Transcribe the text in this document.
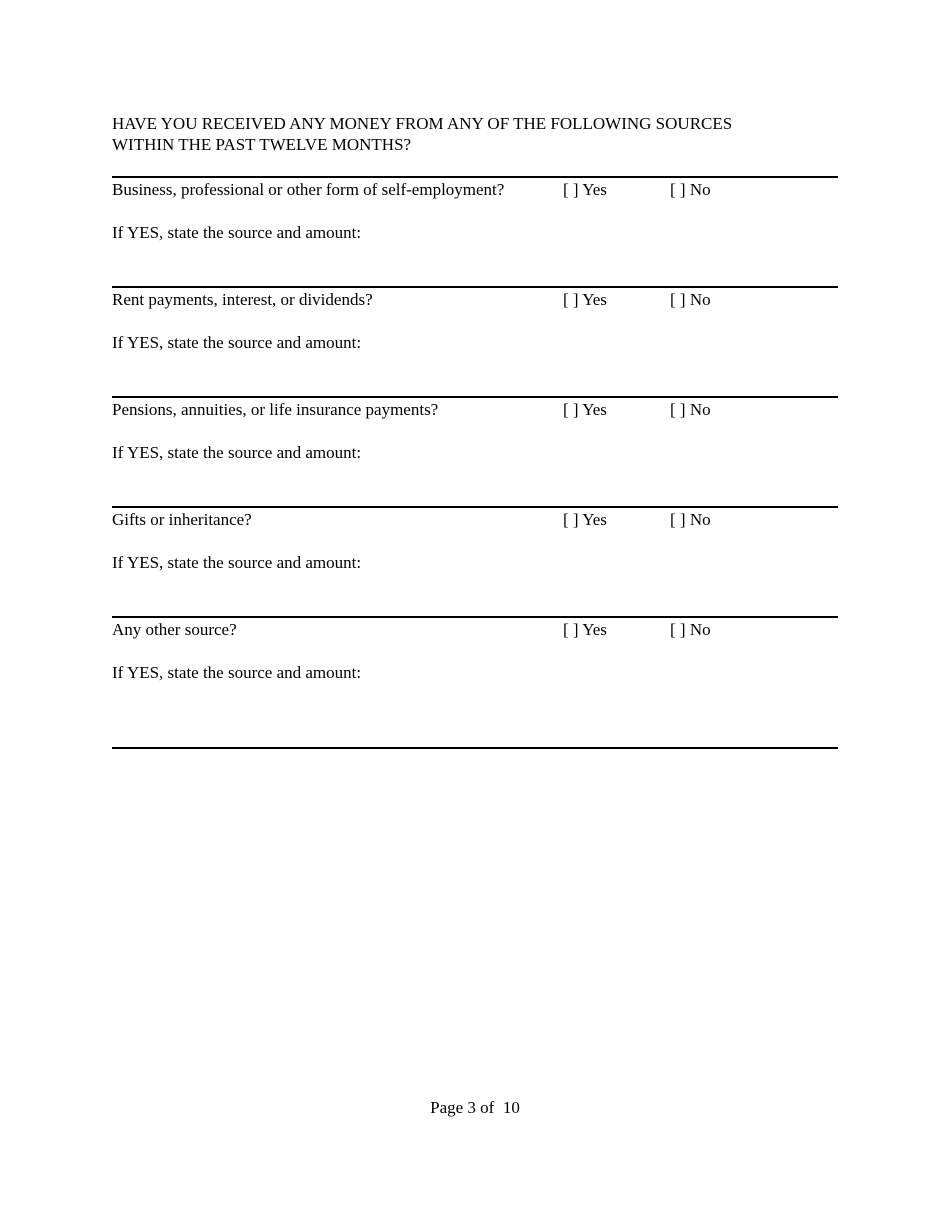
HAVE YOU RECEIVED ANY MONEY FROM ANY OF THE FOLLOWING SOURCES
WITHIN THE PAST TWELVE MONTHS?
Business, professional or other form of self-employment?	[ ] Yes	[ ] No
If YES, state the source and amount:
Rent payments, interest, or dividends?	[ ] Yes	[ ] No
If YES, state the source and amount:
Pensions, annuities, or life insurance payments?	[ ] Yes	[ ] No
If YES, state the source and amount:
Gifts or inheritance?	[ ] Yes	[ ] No
If YES, state the source and amount:
Any other source?	[ ] Yes	[ ] No
If YES, state the source and amount:
Page 3 of  10
